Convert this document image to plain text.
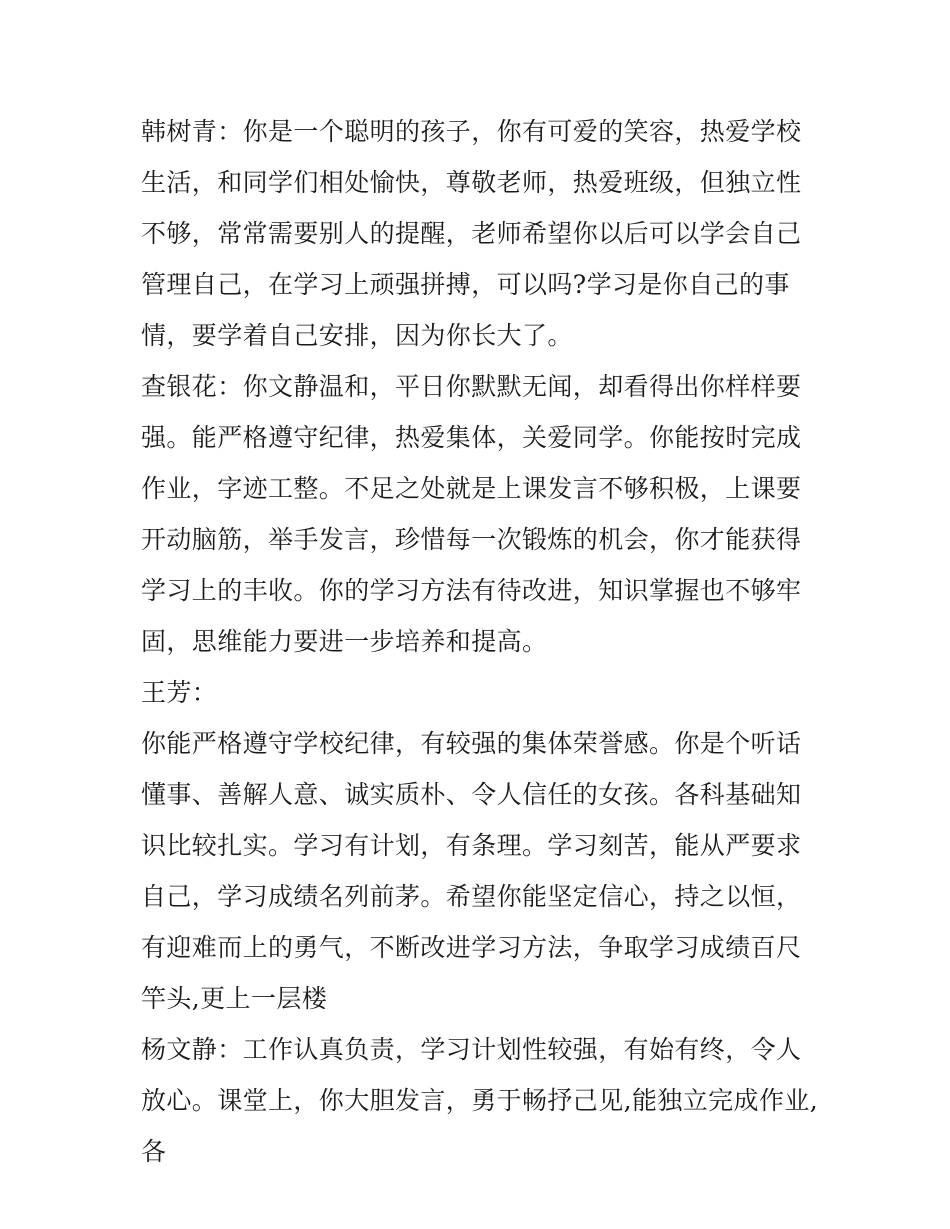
韩树青：你是一个聪明的孩子，你有可爱的笑容，热爱学校生活，和同学们相处愉快，尊敬老师，热爱班级，但独立性不够，常常需要别人的提醒，老师希望你以后可以学会自己管理自己，在学习上顽强拼搏，可以吗?学习是你自己的事情，要学着自己安排，因为你长大了。

查银花：你文静温和，平日你默默无闻，却看得出你样样要强。能严格遵守纪律，热爱集体，关爱同学。你能按时完成作业，字迹工整。不足之处就是上课发言不够积极，上课要开动脑筋，举手发言，珍惜每一次锻炼的机会，你才能获得学习上的丰收。你的学习方法有待改进，知识掌握也不够牢固，思维能力要进一步培养和提高。

王芳：

你能严格遵守学校纪律，有较强的集体荣誉感。你是个听话懂事、善解人意、诚实质朴、令人信任的女孩。各科基础知识比较扎实。学习有计划，有条理。学习刻苦，能从严要求自己，学习成绩名列前茅。希望你能坚定信心，持之以恒，有迎难而上的勇气，不断改进学习方法，争取学习成绩百尺竿头,更上一层楼

杨文静：工作认真负责，学习计划性较强，有始有终，令人放心。课堂上，你大胆发言，勇于畅抒己见,能独立完成作业,各
